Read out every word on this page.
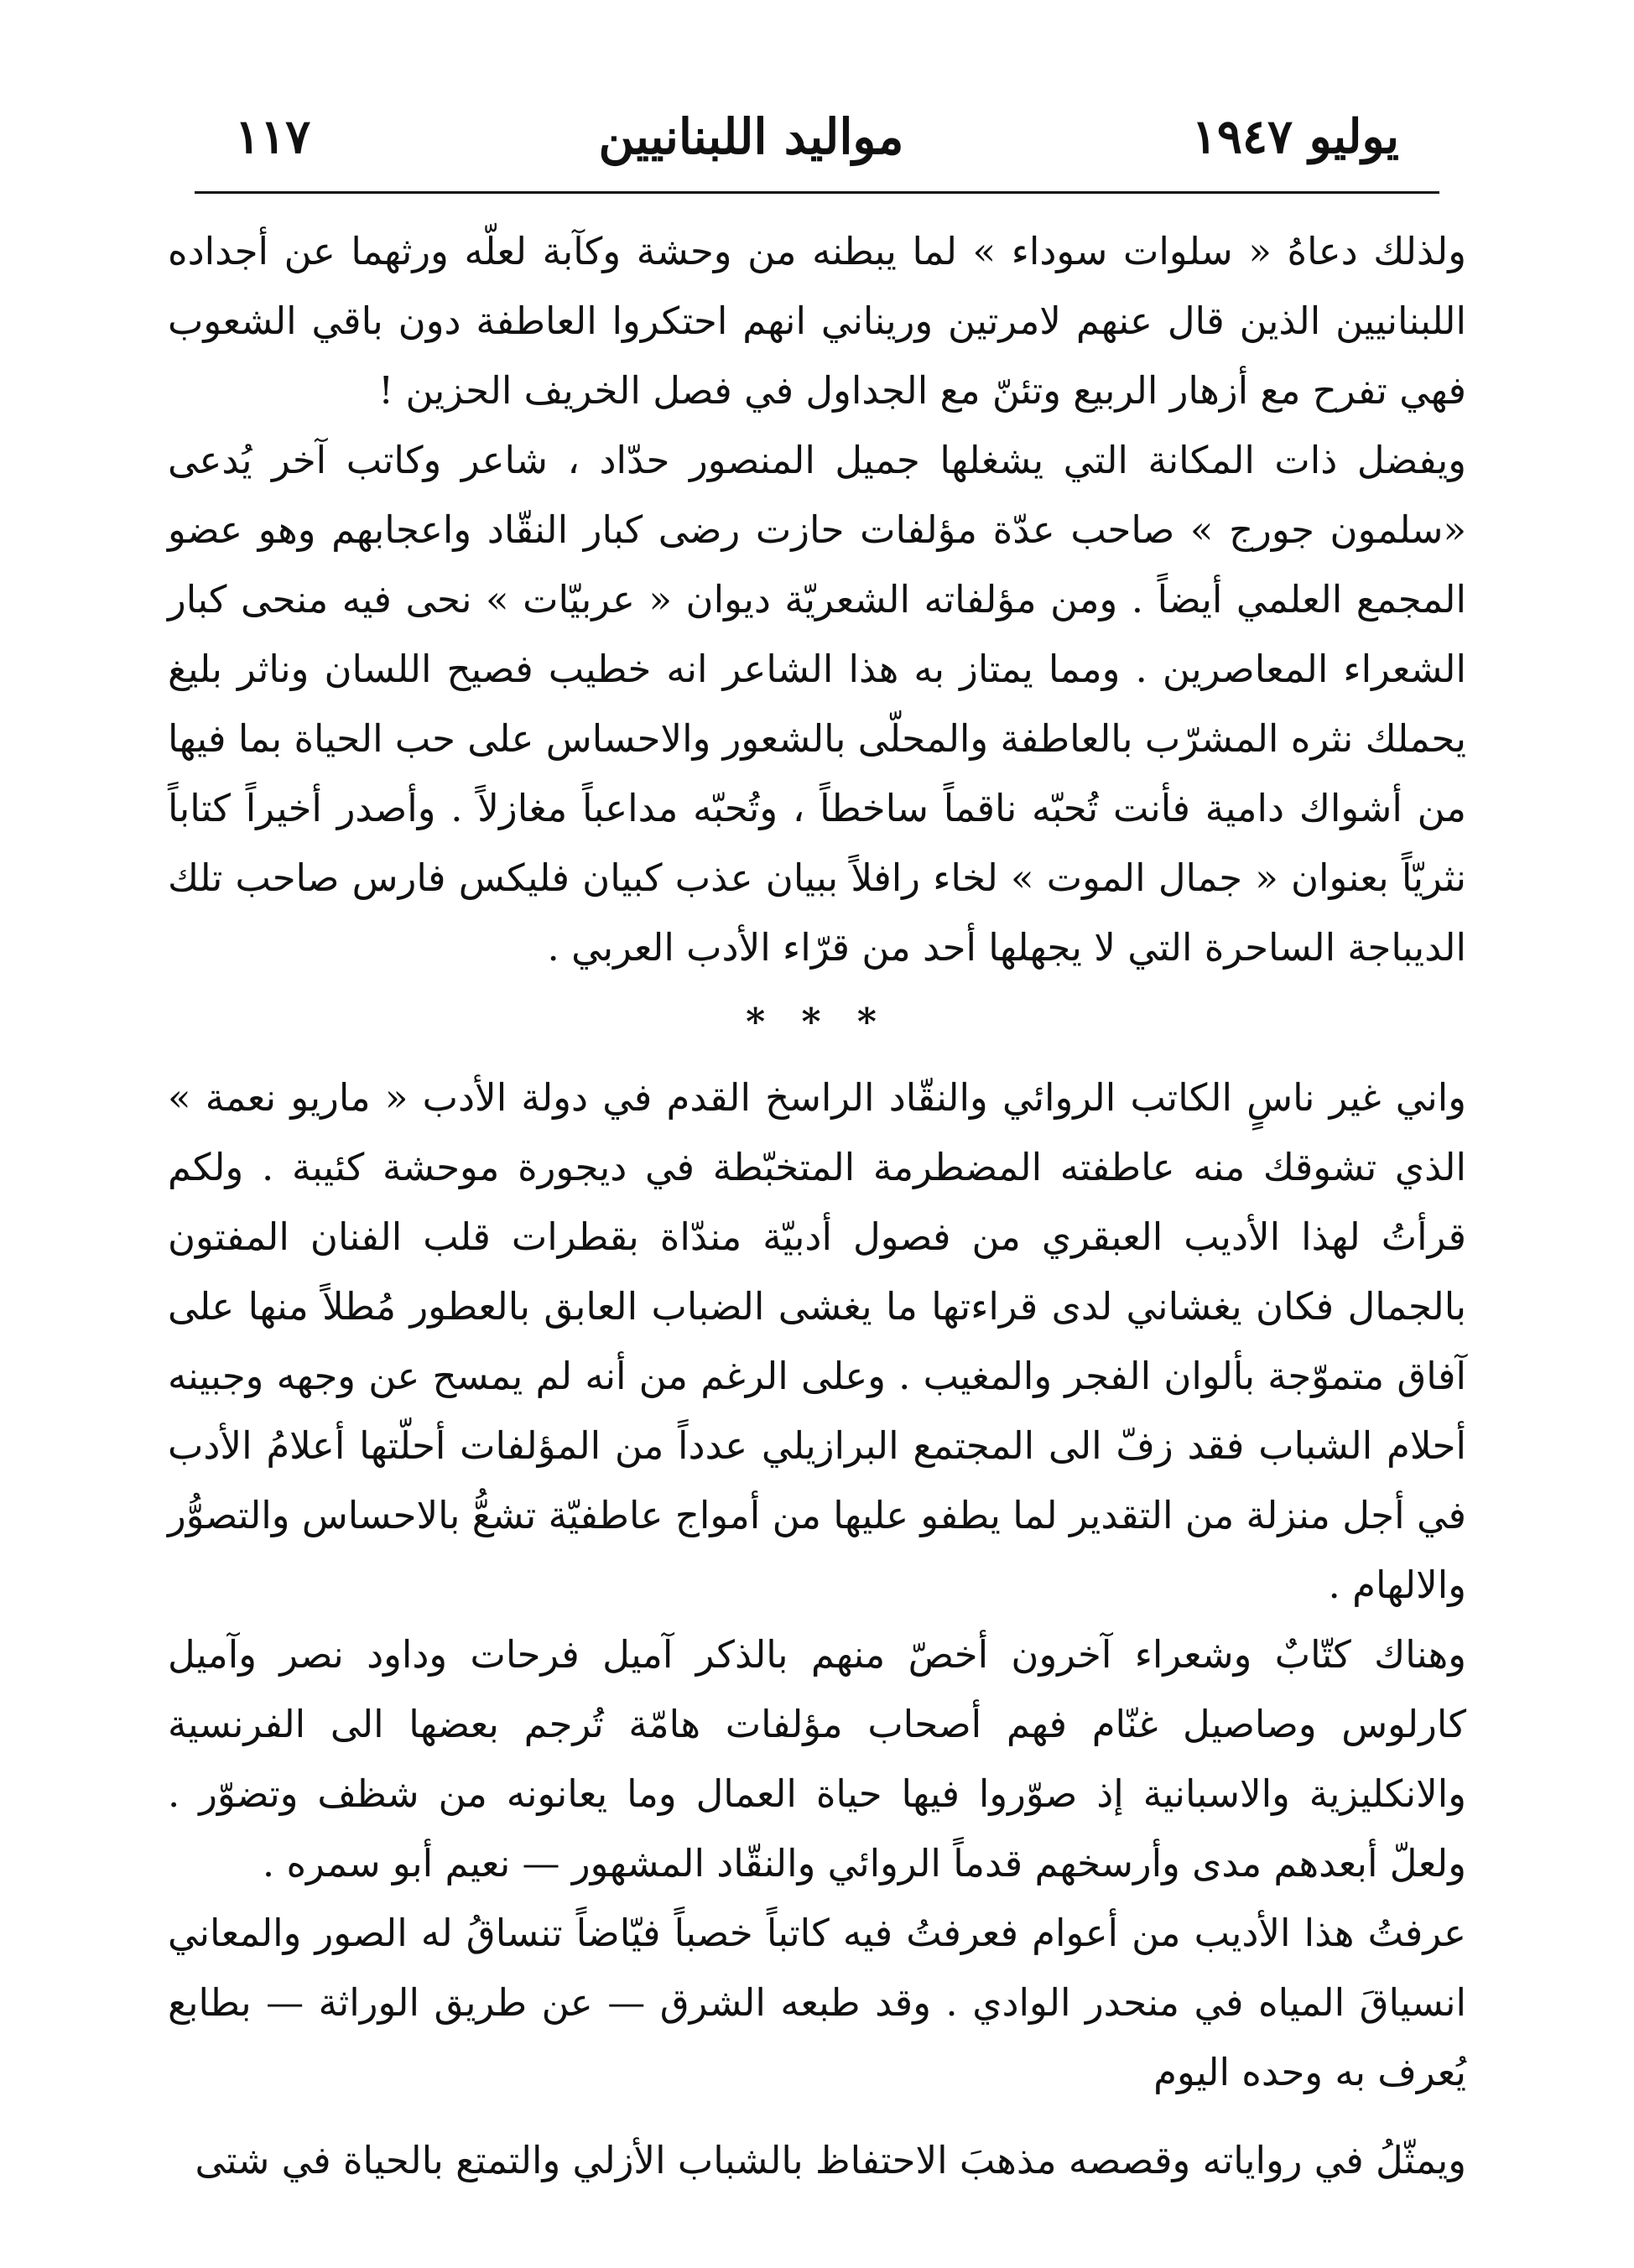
يوليو ١٩٤٧
مواليد اللبنانيين
١١٧

ولذلك دعاهُ « سلوات سوداء » لما يبطنه من وحشة وكآبة لعلّه ورثهما عن أجداده اللبنانيين الذين قال عنهم لامرتين وريناني انهم احتكروا العاطفة دون باقي الشعوب فهي تفرح مع أزهار الربيع وتئنّ مع الجداول في فصل الخريف الحزين !

ويفضل ذات المكانة التي يشغلها جميل المنصور حدّاد ، شاعر وكاتب آخر يُدعى «سلمون جورج » صاحب عدّة مؤلفات حازت رضى كبار النقّاد واعجابهم وهو عضو المجمع العلمي أيضاً . ومن مؤلفاته الشعريّة ديوان « عربيّات » نحى فيه منحى كبار الشعراء المعاصرين . ومما يمتاز به هذا الشاعر انه خطيب فصيح اللسان وناثر بليغ يحملك نثره المشرّب بالعاطفة والمحلّى بالشعور والاحساس على حب الحياة بما فيها من أشواك دامية فأنت تُحبّه ناقماً ساخطاً ، وتُحبّه مداعباً مغازلاً . وأصدر أخيراً كتاباً نثريّاً بعنوان « جمال الموت » لخاء رافلاً ببيان عذب كبيان فليكس فارس صاحب تلك الديباجة الساحرة التي لا يجهلها أحد من قرّاء الأدب العربي .

* * *

واني غير ناسٍ الكاتب الروائي والنقّاد الراسخ القدم في دولة الأدب « ماريو نعمة » الذي تشوقك منه عاطفته المضطرمة المتخبّطة في ديجورة موحشة كئيبة . ولكم قرأتُ لهذا الأديب العبقري من فصول أدبيّة مندّاة بقطرات قلب الفنان المفتون بالجمال فكان يغشاني لدى قراءتها ما يغشى الضباب العابق بالعطور مُطلاً منها على آفاق متموّجة بألوان الفجر والمغيب . وعلى الرغم من أنه لم يمسح عن وجهه وجبينه أحلام الشباب فقد زفّ الى المجتمع البرازيلي عدداً من المؤلفات أحلّتها أعلامُ الأدب في أجل منزلة من التقدير لما يطفو عليها من أمواج عاطفيّة تشعُّ بالاحساس والتصوُّر والالهام .

وهناك كتّابٌ وشعراء آخرون أخصّ منهم بالذكر آميل فرحات وداود نصر وآميل كارلوس وصاصيل غنّام فهم أصحاب مؤلفات هامّة تُرجم بعضها الى الفرنسية والانكليزية والاسبانية إذ صوّروا فيها حياة العمال وما يعانونه من شظف وتضوّر . ولعلّ أبعدهم مدى وأرسخهم قدماً الروائي والنقّاد المشهور — نعيم أبو سمره .

عرفتُ هذا الأديب من أعوام فعرفتُ فيه كاتباً خصباً فيّاضاً تنساقُ له الصور والمعاني انسياقَ المياه في منحدر الوادي . وقد طبعه الشرق — عن طريق الوراثة — بطابع يُعرف به وحده اليوم

ويمثّلُ في رواياته وقصصه مذهبَ الاحتفاظ بالشباب الأزلي والتمتع بالحياة في شتى
